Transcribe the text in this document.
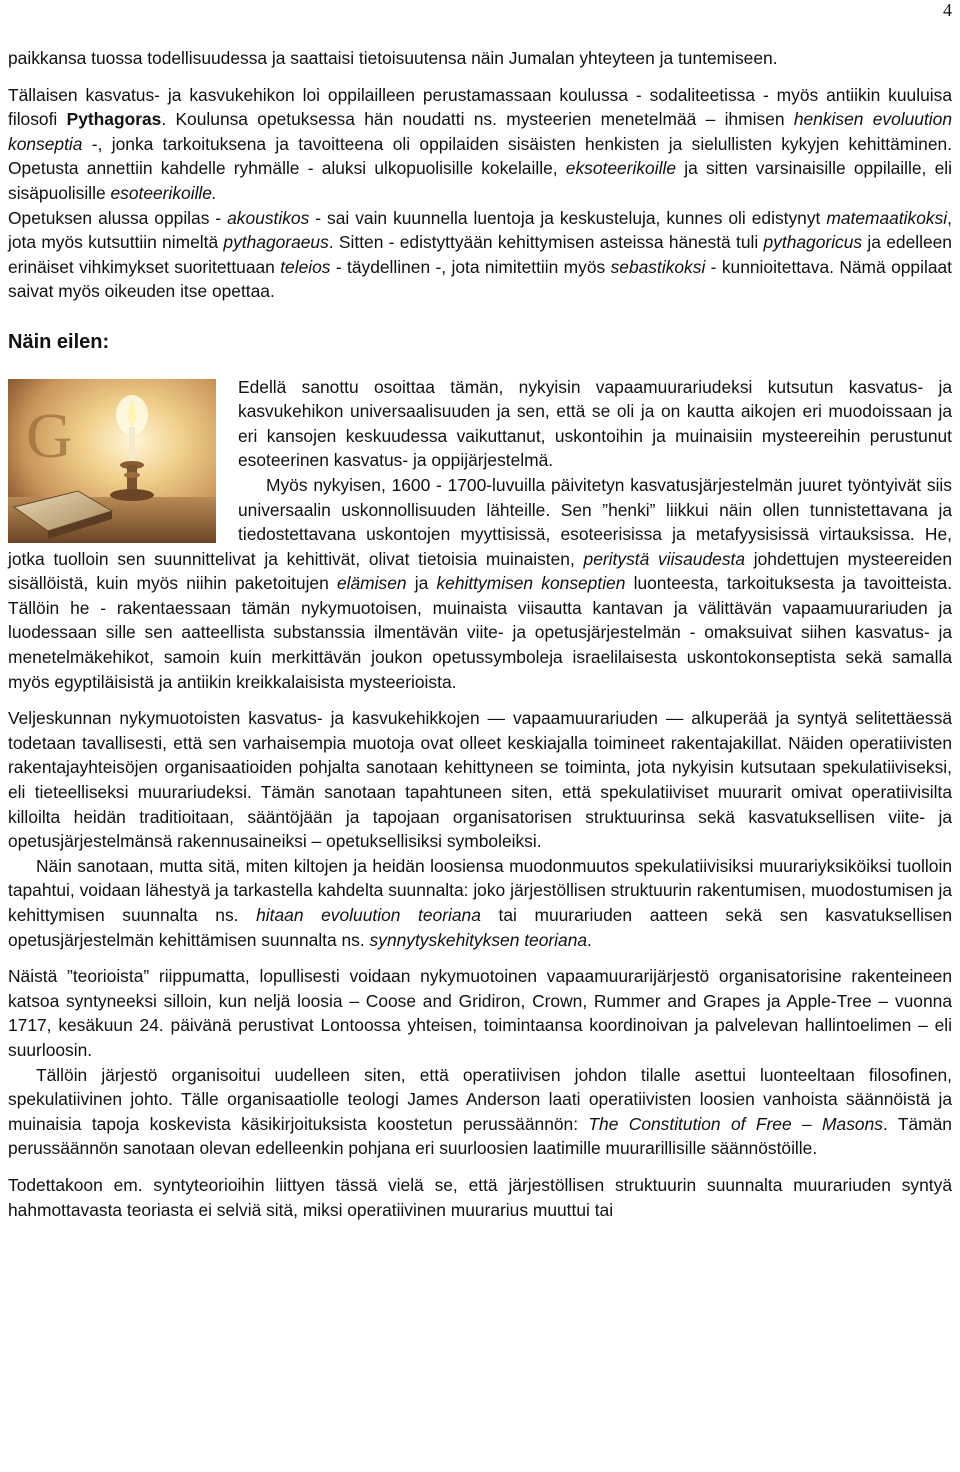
4

paikkansa tuossa todellisuudessa ja saattaisi tietoisuutensa näin Jumalan yhteyteen ja tuntemiseen.

Tällaisen kasvatus- ja kasvukehikon loi oppilailleen perustamassaan koulussa - sodaliteetissa - myös antiikin kuuluisa filosofi Pythagoras. Koulunsa opetuksessa hän noudatti ns. mysteerien menetelmää – ihmisen henkisen evoluution konseptia -, jonka tarkoituksena ja tavoitteena oli oppilaiden sisäisten henkisten ja sielullisten kykyjen kehittäminen. Opetusta annettiin kahdelle ryhmälle - aluksi ulkopuolisille kokelaille, eksoteerikoille ja sitten varsinaisille oppilaille, eli sisäpuolisille esoteerikoille.

Opetuksen alussa oppilas - akoustikos - sai vain kuunnella luentoja ja keskusteluja, kunnes oli edistynyt matemaatikoksi, jota myös kutsuttiin nimeltä pythagoraeus. Sitten - edistyttyään kehittymisen asteissa hänestä tuli pythagoricus ja edelleen erinäiset vihkimykset suoritettuaan teleios - täydellinen -, jota nimitettiin myös sebastikoksi - kunnioitettava. Nämä oppilaat saivat myös oikeuden itse opettaa.

Näin eilen:

G

Edellä sanottu osoittaa tämän, nykyisin vapaamuurariudeksi kutsutun kasvatus- ja kasvukehikon universaalisuuden ja sen, että se oli ja on kautta aikojen eri muodoissaan ja eri kansojen keskuudessa vaikuttanut, uskontoihin ja muinaisiin mysteereihin perustunut esoteerinen kasvatus- ja oppijärjestelmä.

Myös nykyisen, 1600 - 1700-luvuilla päivitetyn kasvatusjärjestelmän juuret työntyivät siis universaalin uskonnollisuuden lähteille. Sen ”henki” liikkui näin ollen tunnistettavana ja tiedostettavana uskontojen myyttisissä, esoteerisissa ja metafyysisissä virtauksissa. He, jotka tuolloin sen suunnittelivat ja kehittivät, olivat tietoisia muinaisten, peritystä viisaudesta johdettujen mysteereiden sisällöistä, kuin myös niihin paketoitujen elämisen ja kehittymisen konseptien luonteesta, tarkoituksesta ja tavoitteista. Tällöin he - rakentaessaan tämän nykymuotoisen, muinaista viisautta kantavan ja välittävän vapaamuurariuden ja luodessaan sille sen aatteellista substanssia ilmentävän viite- ja opetusjärjestelmän - omaksuivat siihen kasvatus- ja menetelmäkehikot, samoin kuin merkittävän joukon opetussymboleja israelilaisesta uskontokonseptista sekä samalla myös egyptiläisistä ja antiikin kreikkalaisista mysteerioista.

Veljeskunnan nykymuotoisten kasvatus- ja kasvukehikkojen — vapaamuurariuden — alkuperää ja syntyä selitettäessä todetaan tavallisesti, että sen varhaisempia muotoja ovat olleet keskiajalla toimineet rakentajakillat. Näiden operatiivisten rakentajayhteisöjen organisaatioiden pohjalta sanotaan kehittyneen se toiminta, jota nykyisin kutsutaan spekulatiiviseksi, eli tieteelliseksi muurariudeksi. Tämän sanotaan tapahtuneen siten, että spekulatiiviset muurarit omivat operatiivisilta killoilta heidän traditioitaan, sääntöjään ja tapojaan organisatorisen struktuurinsa sekä kasvatuksellisen viite- ja opetusjärjestelmänsä rakennusaineiksi – opetuksellisiksi symboleiksi.

Näin sanotaan, mutta sitä, miten kiltojen ja heidän loosiensa muodonmuutos spekulatiivisiksi muurariyksiköiksi tuolloin tapahtui, voidaan lähestyä ja tarkastella kahdelta suunnalta: joko järjestöllisen struktuurin rakentumisen, muodostumisen ja kehittymisen suunnalta ns. hitaan evoluution teoriana tai muurariuden aatteen sekä sen kasvatuksellisen opetusjärjestelmän kehittämisen suunnalta ns. synnytyskehityksen teoriana.

Näistä ”teorioista” riippumatta, lopullisesti voidaan nykymuotoinen vapaamuurarijärjestö organisatorisine rakenteineen katsoa syntyneeksi silloin, kun neljä loosia – Coose and Gridiron, Crown, Rummer and Grapes ja Apple-Tree – vuonna 1717, kesäkuun 24. päivänä perustivat Lontoossa yhteisen, toimintaansa koordinoivan ja palvelevan hallintoelimen – eli suurloosin.

Tällöin järjestö organisoitui uudelleen siten, että operatiivisen johdon tilalle asettui luonteeltaan filosofinen, spekulatiivinen johto. Tälle organisaatiolle teologi James Anderson laati operatiivisten loosien vanhoista säännöistä ja muinaisia tapoja koskevista käsikirjoituksista koostetun perussäännön: The Constitution of Free – Masons. Tämän perussäännön sanotaan olevan edelleenkin pohjana eri suurloosien laatimille muurarillisille säännöstöille.

Todettakoon em. syntyteorioihin liittyen tässä vielä se, että järjestöllisen struktuurin suunnalta muurariuden syntyä hahmottavasta teoriasta ei selviä sitä, miksi operatiivinen muurarius muuttui tai
